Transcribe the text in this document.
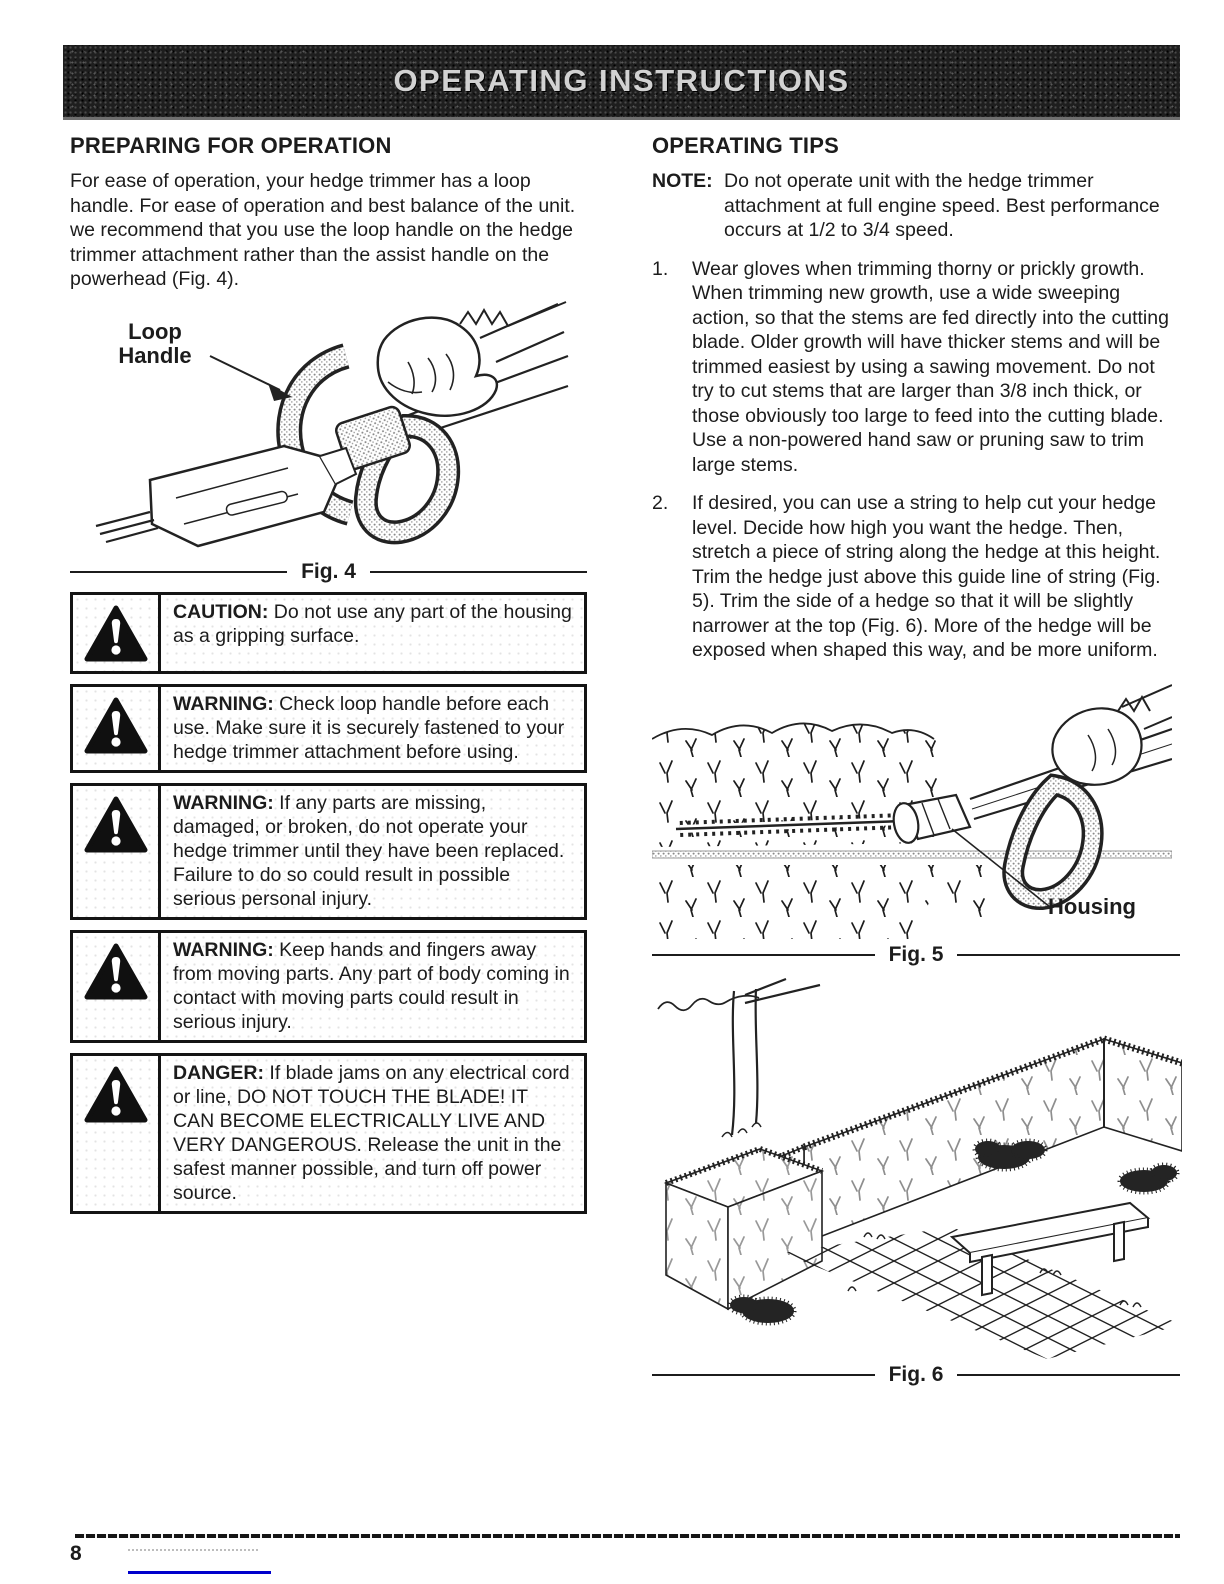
OPERATING INSTRUCTIONS
PREPARING FOR OPERATION

For ease of operation, your hedge trimmer has a loop handle. For ease of operation and best balance of the unit. we recommend that you use the loop handle on the hedge trimmer attachment rather than the assist handle on the powerhead (Fig. 4).

Loop Handle
Fig. 4
CAUTION: Do not use any part of the housing as a gripping surface.
WARNING: Check loop handle before each use. Make sure it is securely fastened to your hedge trimmer attachment before using.
WARNING: If any parts are missing, damaged, or broken, do not operate your hedge trimmer until they have been replaced. Failure to do so could result in possible serious personal injury.
WARNING: Keep hands and fingers away from moving parts. Any part of body coming in contact with moving parts could result in serious injury.
DANGER: If blade jams on any electrical cord or line, DO NOT TOUCH THE BLADE! IT CAN BECOME ELECTRICALLY LIVE AND VERY DANGEROUS. Release the unit in the safest manner possible, and turn off power source.
OPERATING TIPS
NOTE: Do not operate unit with the hedge trimmer attachment at full engine speed. Best performance occurs at 1/2 to 3/4 speed.
1.	Wear gloves when trimming thorny or prickly growth. When trimming new growth, use a wide sweeping action, so that the stems are fed directly into the cutting blade. Older growth will have thicker stems and will be trimmed easiest by using a sawing movement. Do not try to cut stems that are larger than 3/8 inch thick, or those obviously too large to feed into the cutting blade. Use a non-powered hand saw or pruning saw to trim large stems.
2.	If desired, you can use a string to help cut your hedge level. Decide how high you want the hedge. Then, stretch a piece of string along the hedge at this height. Trim the hedge just above this guide line of string (Fig. 5). Trim the side of a hedge so that it will be slightly narrower at the top (Fig. 6). More of the hedge will be exposed when shaped this way, and be more uniform.
Housing
Fig. 5
Fig. 6
8
